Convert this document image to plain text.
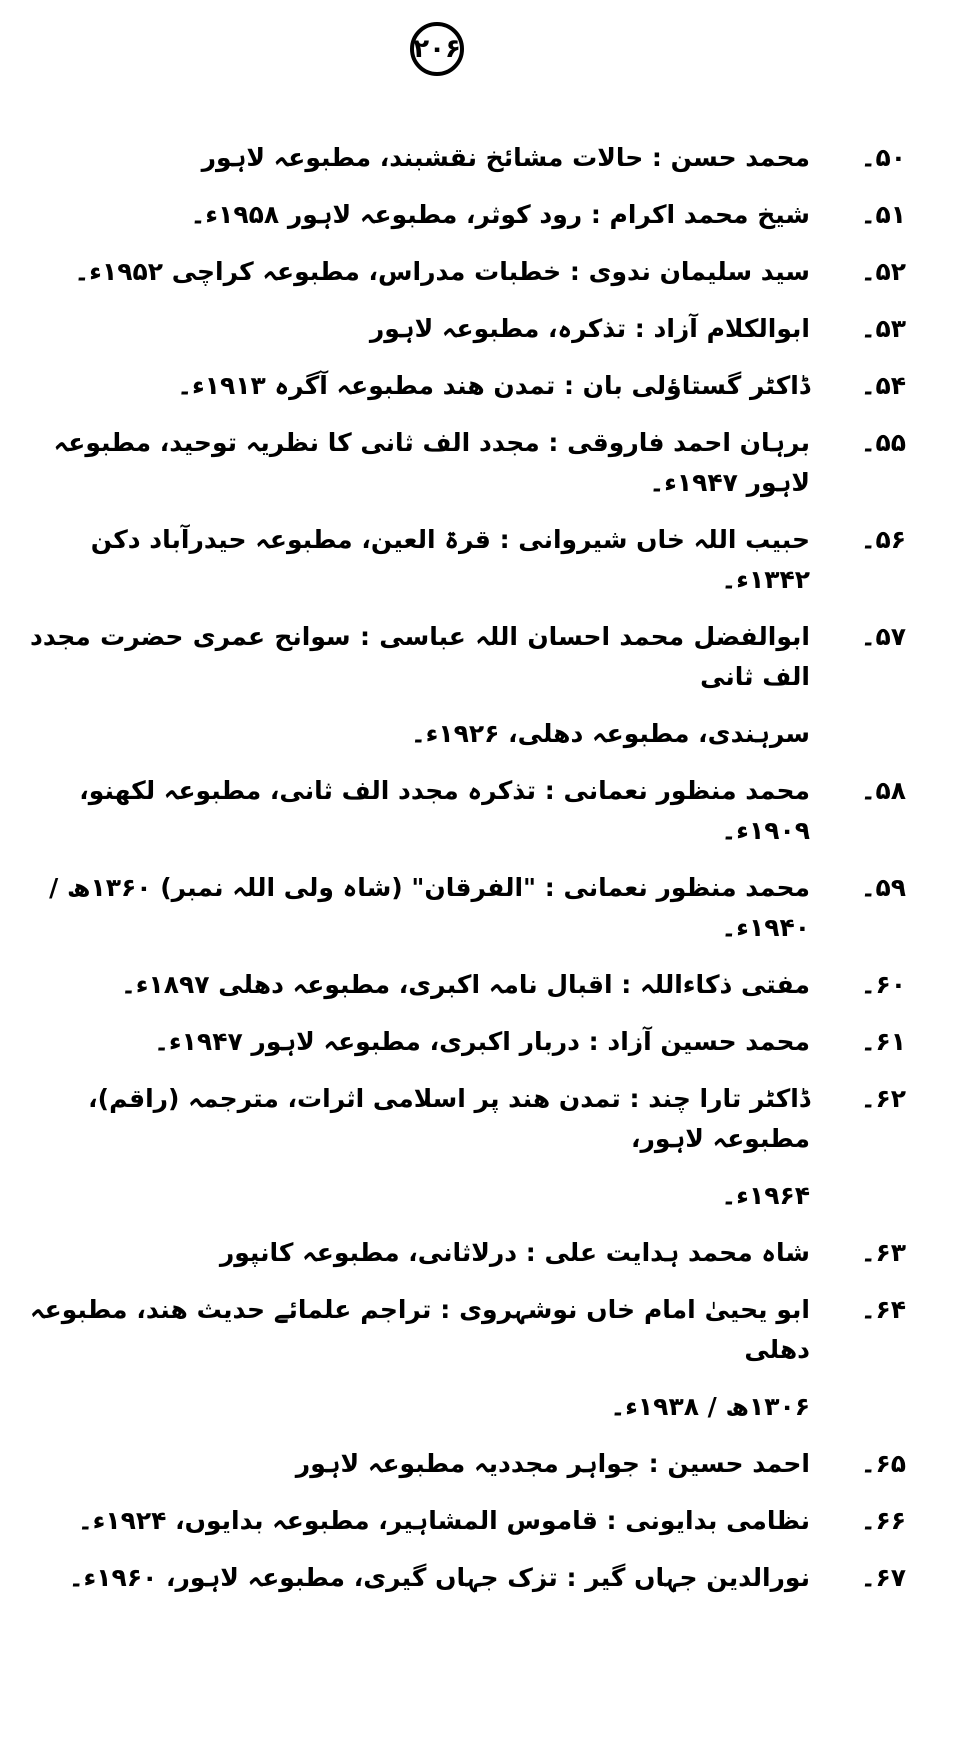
۲۰۶
۵۰۔
محمد حسن : حالات مشائخ نقشبند، مطبوعہ لاہور
۵۱۔
شیخ محمد اکرام : رود کوثر، مطبوعہ لاہور ۱۹۵۸ء۔
۵۲۔
سید سلیمان ندوی : خطبات مدراس، مطبوعہ کراچی ۱۹۵۲ء۔
۵۳۔
ابوالکلام آزاد : تذکرہ، مطبوعہ لاہور
۵۴۔
ڈاکٹر گستاؤلی بان : تمدن ھند مطبوعہ آگرہ ۱۹۱۳ء۔
۵۵۔
برہان احمد فاروقی : مجدد الف ثانی کا نظریہ توحید، مطبوعہ لاہور ۱۹۴۷ء۔
۵۶۔
حبیب اللہ خاں شیروانی : قرۃ العین، مطبوعہ حیدرآباد دکن ۱۳۴۲ء۔
۵۷۔
ابوالفضل محمد احسان اللہ عباسی : سوانح عمری حضرت مجدد الف ثانی
سرہندی، مطبوعہ دھلی، ۱۹۲۶ء۔
۵۸۔
محمد منظور نعمانی : تذکرہ مجدد الف ثانی، مطبوعہ لکھنو، ۱۹۰۹ء۔
۵۹۔
محمد منظور نعمانی : "الفرقان" (شاہ ولی اللہ نمبر) ۱۳۶۰ھ / ۱۹۴۰ء۔
۶۰۔
مفتی ذکاءاللہ : اقبال نامہ اکبری، مطبوعہ دھلی ۱۸۹۷ء۔
۶۱۔
محمد حسین آزاد : دربار اکبری، مطبوعہ لاہور ۱۹۴۷ء۔
۶۲۔
ڈاکٹر تارا چند : تمدن ھند پر اسلامی اثرات، مترجمہ (راقم)، مطبوعہ لاہور،
۱۹۶۴ء۔
۶۳۔
شاہ محمد ہدایت علی : درلاثانی، مطبوعہ کانپور
۶۴۔
ابو یحییٰ امام خاں نوشہروی : تراجم علمائے حدیث ھند، مطبوعہ دھلی
۱۳۰۶ھ / ۱۹۳۸ء۔
۶۵۔
احمد حسین : جواہر مجددیہ مطبوعہ لاہور
۶۶۔
نظامی بدایونی : قاموس المشاہیر، مطبوعہ بدایوں، ۱۹۲۴ء۔
۶۷۔
نورالدین جہاں گیر : تزک جہاں گیری، مطبوعہ لاہور، ۱۹۶۰ء۔
